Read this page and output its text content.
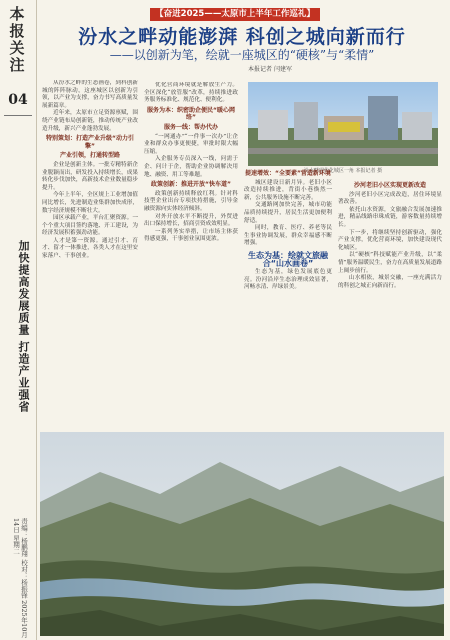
本报关注
04
加快提高发展质量 打造产业强省
责编：杨鹏翔 校对：杨振锋 2025年10月14日 星期二
【奋进2025——太原市上半年工作巡礼】
汾水之畔动能澎湃 科创之城向新而行
——以创新为笔，绘就一座城区的“硬核”与“柔情”
本报记者 闫建军

从汾水之畔的生态画卷，到科创新城的阵阵脉动，这座城区以创新为引领，以产业为支撑，奋力书写高质量发展新篇章。

近年来，太原市立足资源禀赋，围绕产业链布局创新链，推动传统产业改造升级，新兴产业蓬勃发展。

特别策划：打造产业升级“动力引擎”
产业引领，打通转型路

企业是创新主体。一批专精特新企业脱颖而出，研发投入持续增长，成果转化步伐加快，高新技术企业数量稳步提升。

今年上半年，全区规上工业增加值同比增长，先进制造业集群加快成形，数字经济规模不断壮大。

园区承载产业，平台汇聚资源。一个个重大项目签约落地、开工建设，为经济发展积蓄强劲动能。

人才是第一资源。通过引才、育才、留才一体推进，各类人才在这里安家落户、干事创业。

优化营商环境就是解放生产力。全区深化“放管服”改革，持续推进政务服务标准化、规范化、便利化。

服务为本：织密助企便民“暖心网络”
服务一线：帮办代办

“一网通办”“一件事一次办”让企业和群众办事更便捷，审批时限大幅压缩。

入企服务专员深入一线，问需于企、问计于企，帮助企业协调解决用地、融资、用工等难题。

政策创新：推进开放“快车道”

政策创新持续释放红利。针对科技型企业出台专项扶持措施，引导金融资源向实体经济倾斜。

对外开放水平不断提升，外贸进出口保持增长，招商引资成效明显。

一系列务实举措，让市场主体获得感更强，干事创业氛围更浓。

汾水畔现代化城区一角 本报记者 摄
提速增效：“全要素”营造新环境

城区建设日新月异。老旧小区改造持续推进，背街小巷焕然一新，公共服务设施不断完善。

交通路网加快完善，城市功能品质持续提升，居民生活更加便利舒适。

同时，教育、医疗、养老等民生事业协调发展，群众幸福感不断增强。

生态为基：绘就文旅融合“山水画卷”

生态为基，绿色发展底色更亮。汾河沿岸生态治理成效显著，河畅水清、岸绿景美。

沙河老旧小区实现更新改造

沙河老旧小区完成改造，居住环境显著改善。

依托山水资源，文旅融合发展加速推进，精品线路串珠成链，游客数量持续增长。

下一步，将继续坚持创新驱动，强化产业支撑，优化营商环境，加快建设现代化城区。

以“硬核”科技赋能产业升级，以“柔情”服务温暖民生，奋力在高质量发展道路上阔步前行。

山水相依，城景交融，一座充满活力的科创之城正向新而行。
